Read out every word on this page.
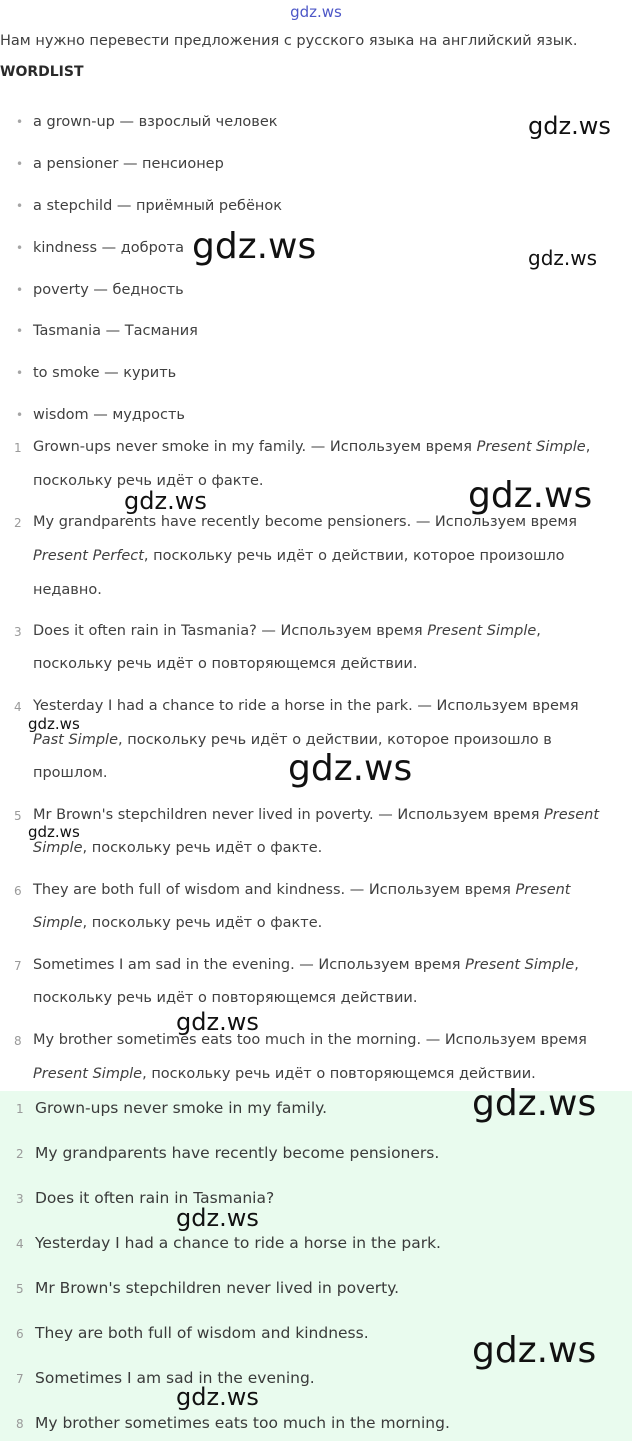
gdz.ws
Нам нужно перевести предложения с русского языка на английский язык.
WORDLIST
• a grown-up — взрослый человек
• a pensioner — пенсионер
• a stepchild — приёмный ребёнок
• kindness — доброта
• poverty — бедность
• Tasmania — Тасмания
• to smoke — курить
• wisdom — мудрость
1 Grown-ups never smoke in my family. — Используем время Present Simple,
поскольку речь идёт о факте.
2 My grandparents have recently become pensioners. — Используем время
Present Perfect, поскольку речь идёт о действии, которое произошло
недавно.
3 Does it often rain in Tasmania? — Используем время Present Simple,
поскольку речь идёт о повторяющемся действии.
4 Yesterday I had a chance to ride a horse in the park. — Используем время
Past Simple, поскольку речь идёт о действии, которое произошло в
прошлом.
5 Mr Brown's stepchildren never lived in poverty. — Используем время Present
Simple, поскольку речь идёт о факте.
6 They are both full of wisdom and kindness. — Используем время Present
Simple, поскольку речь идёт о факте.
7 Sometimes I am sad in the evening. — Используем время Present Simple,
поскольку речь идёт о повторяющемся действии.
8 My brother sometimes eats too much in the morning. — Используем время
Present Simple, поскольку речь идёт о повторяющемся действии.
1 Grown-ups never smoke in my family.
2 My grandparents have recently become pensioners.
3 Does it often rain in Tasmania?
4 Yesterday I had a chance to ride a horse in the park.
5 Mr Brown's stepchildren never lived in poverty.
6 They are both full of wisdom and kindness.
7 Sometimes I am sad in the evening.
8 My brother sometimes eats too much in the morning.
gdz.ws
gdz.ws	gdz.ws
gdz.ws	gdz.ws
gdz.ws
gdz.ws
gdz.ws
gdz.ws
gdz.ws
gdz.ws
gdz.ws
gdz.ws
